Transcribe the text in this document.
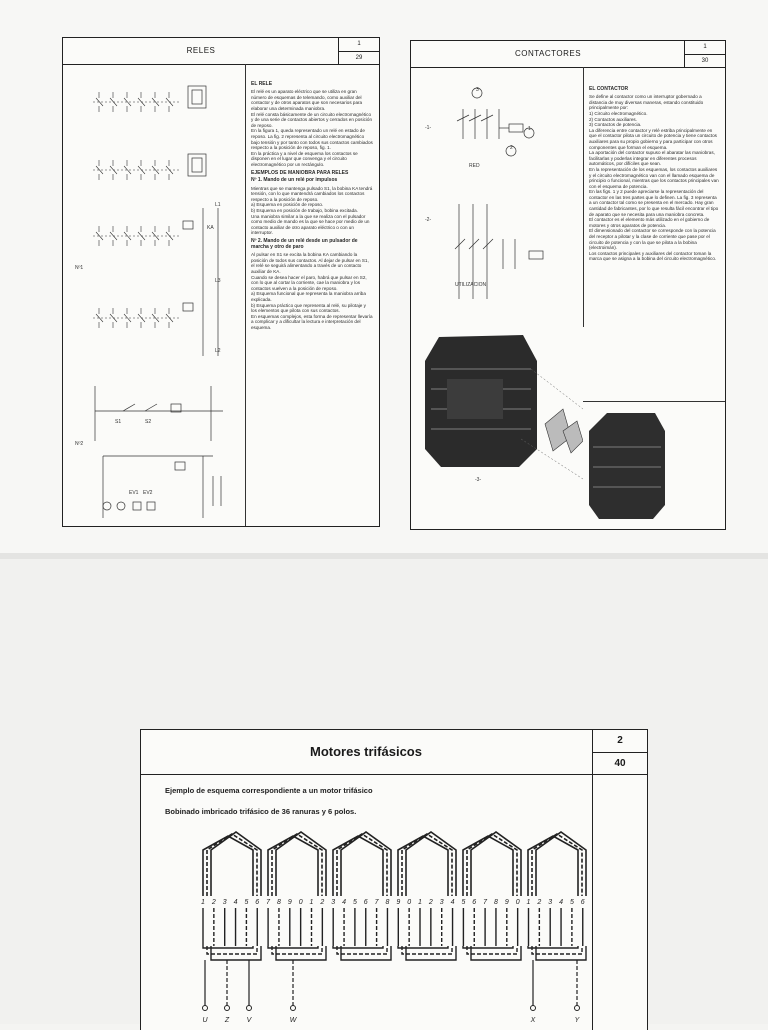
RELES
1
29
Nº1
Nº2
L1
L2
L3
KA
S1	S2
EV1 EV2

EL RELE
El relé es un aparato eléctrico que se utiliza en gran número de esquemas de telemando, como auxiliar del contactor y de otros aparatos que son necesarios para elaborar una determinada maniobra.
El relé consta básicamente de un circuito electromagnético y de una serie de contactos abiertos y cerrados en posición de reposo.
En la figura 1, queda representado un relé en estado de reposo. La fig. 2 representa al circuito electromagnético bajo tensión y por tanto con todos sus contactos cambiados respecto a la posición de reposo, fig. 1.
En la práctica y a nivel de esquema los contactos se disponen en el lugar que convenga y el circuito electromagnético por un rectángulo.

EJEMPLOS DE MANIOBRA PARA RELES
Nº 1. Mando de un relé por impulsos
Mientras que se mantenga pulsado S1, la bobina KA tendrá tensión, con lo que mantendrá cambiados los contactos respecto a la posición de reposo.
a) Esquema en posición de reposo.
b) Esquema en posición de trabajo, bobina excitada.
Una maniobra similar a la que se realiza con el pulsador como medio de mando es la que se hace por medio de un contacto auxiliar de otro aparato eléctrico o con un interruptor.

Nº 2. Mando de un relé desde un pulsador de marcha y otro de paro
Al pulsar en S1 se excita la bobina KA cambiando la posición de todos sus contactos. Al dejar de pulsar en S1, el relé se seguirá alimentando a través de un contacto auxiliar de KA.
Cuando se desea hacer el paro, habrá que pulsar en S2, con lo que al cortar la corriente, cae la maniobra y los contactos vuelven a la posición de reposo.
a) Esquema funcional que representa la maniobra arriba explicada.
b) Esquema práctico que representa al relé, su pilotaje y los elementos que pilota con sus contactos.
En esquemas complejos, esta forma de representar llevaría a complicar y a dificultar la lectura e interpretación del esquema.

CONTACTORES
1
30
-1-
-2-
-3-
RED
UTILIZACION
1
2
3	EL CONTACTOR
Se define al contactor como un interruptor gobernado a distancia de muy diversas maneras, estando constituido principalmente por:
1) Circuito electromagnético.
2) Contactos auxiliares.
3) Contactos de potencia.
La diferencia entre contactor y relé estriba principalmente en que el contactor pilota un circuito de potencia y tiene contactos auxiliares para su propio gobierno y para participar con otros componentes que forman el esquema.
La aportación del contactor supuso el abaratar las maniobras, facilitarlas y poderlas integrar en diferentes procesos automáticos, por difíciles que sean.
En la representación de los esquemas, los contactos auxiliares y el circuito electromagnético van con el llamado esquema de principio o funcional, mientras que los contactos principales van con el esquema de potencia.
En las figs. 1 y 2 puede apreciarse la representación del contactor en las tres partes que lo definen. La fig. 3 representa a un contactor tal como se presenta en el mercado. Hay gran cantidad de fabricantes, por lo que resulta fácil encontrar el tipo de aparato que se necesita para una maniobra concreta.
El contactor es el elemento más utilizado en el gobierno de motores y otros aparatos de potencia.
El dimensionado del contactor se corresponde con la potencia del receptor a pilotar y la clase de corriente que pase por el circuito de potencia y con la que se pilota a la bobina (electroimán).
Los contactos principales y auxiliares del contactor toman la marca que se asigna a la bobina del circuito electromagnético.

Motores trifásicos
2
40
Ejemplo de esquema correspondiente a un motor trifásico
Bobinado imbricado trifásico de 36 ranuras y 6 polos.
1 2 3 4 5 6 7 8 9 0 1 2 3 4 5 6 7 8 9 0 1 2 3 4 5 6 7 8 9 0 1 2 3 4 5 6
U Z	V	W	X	Y
